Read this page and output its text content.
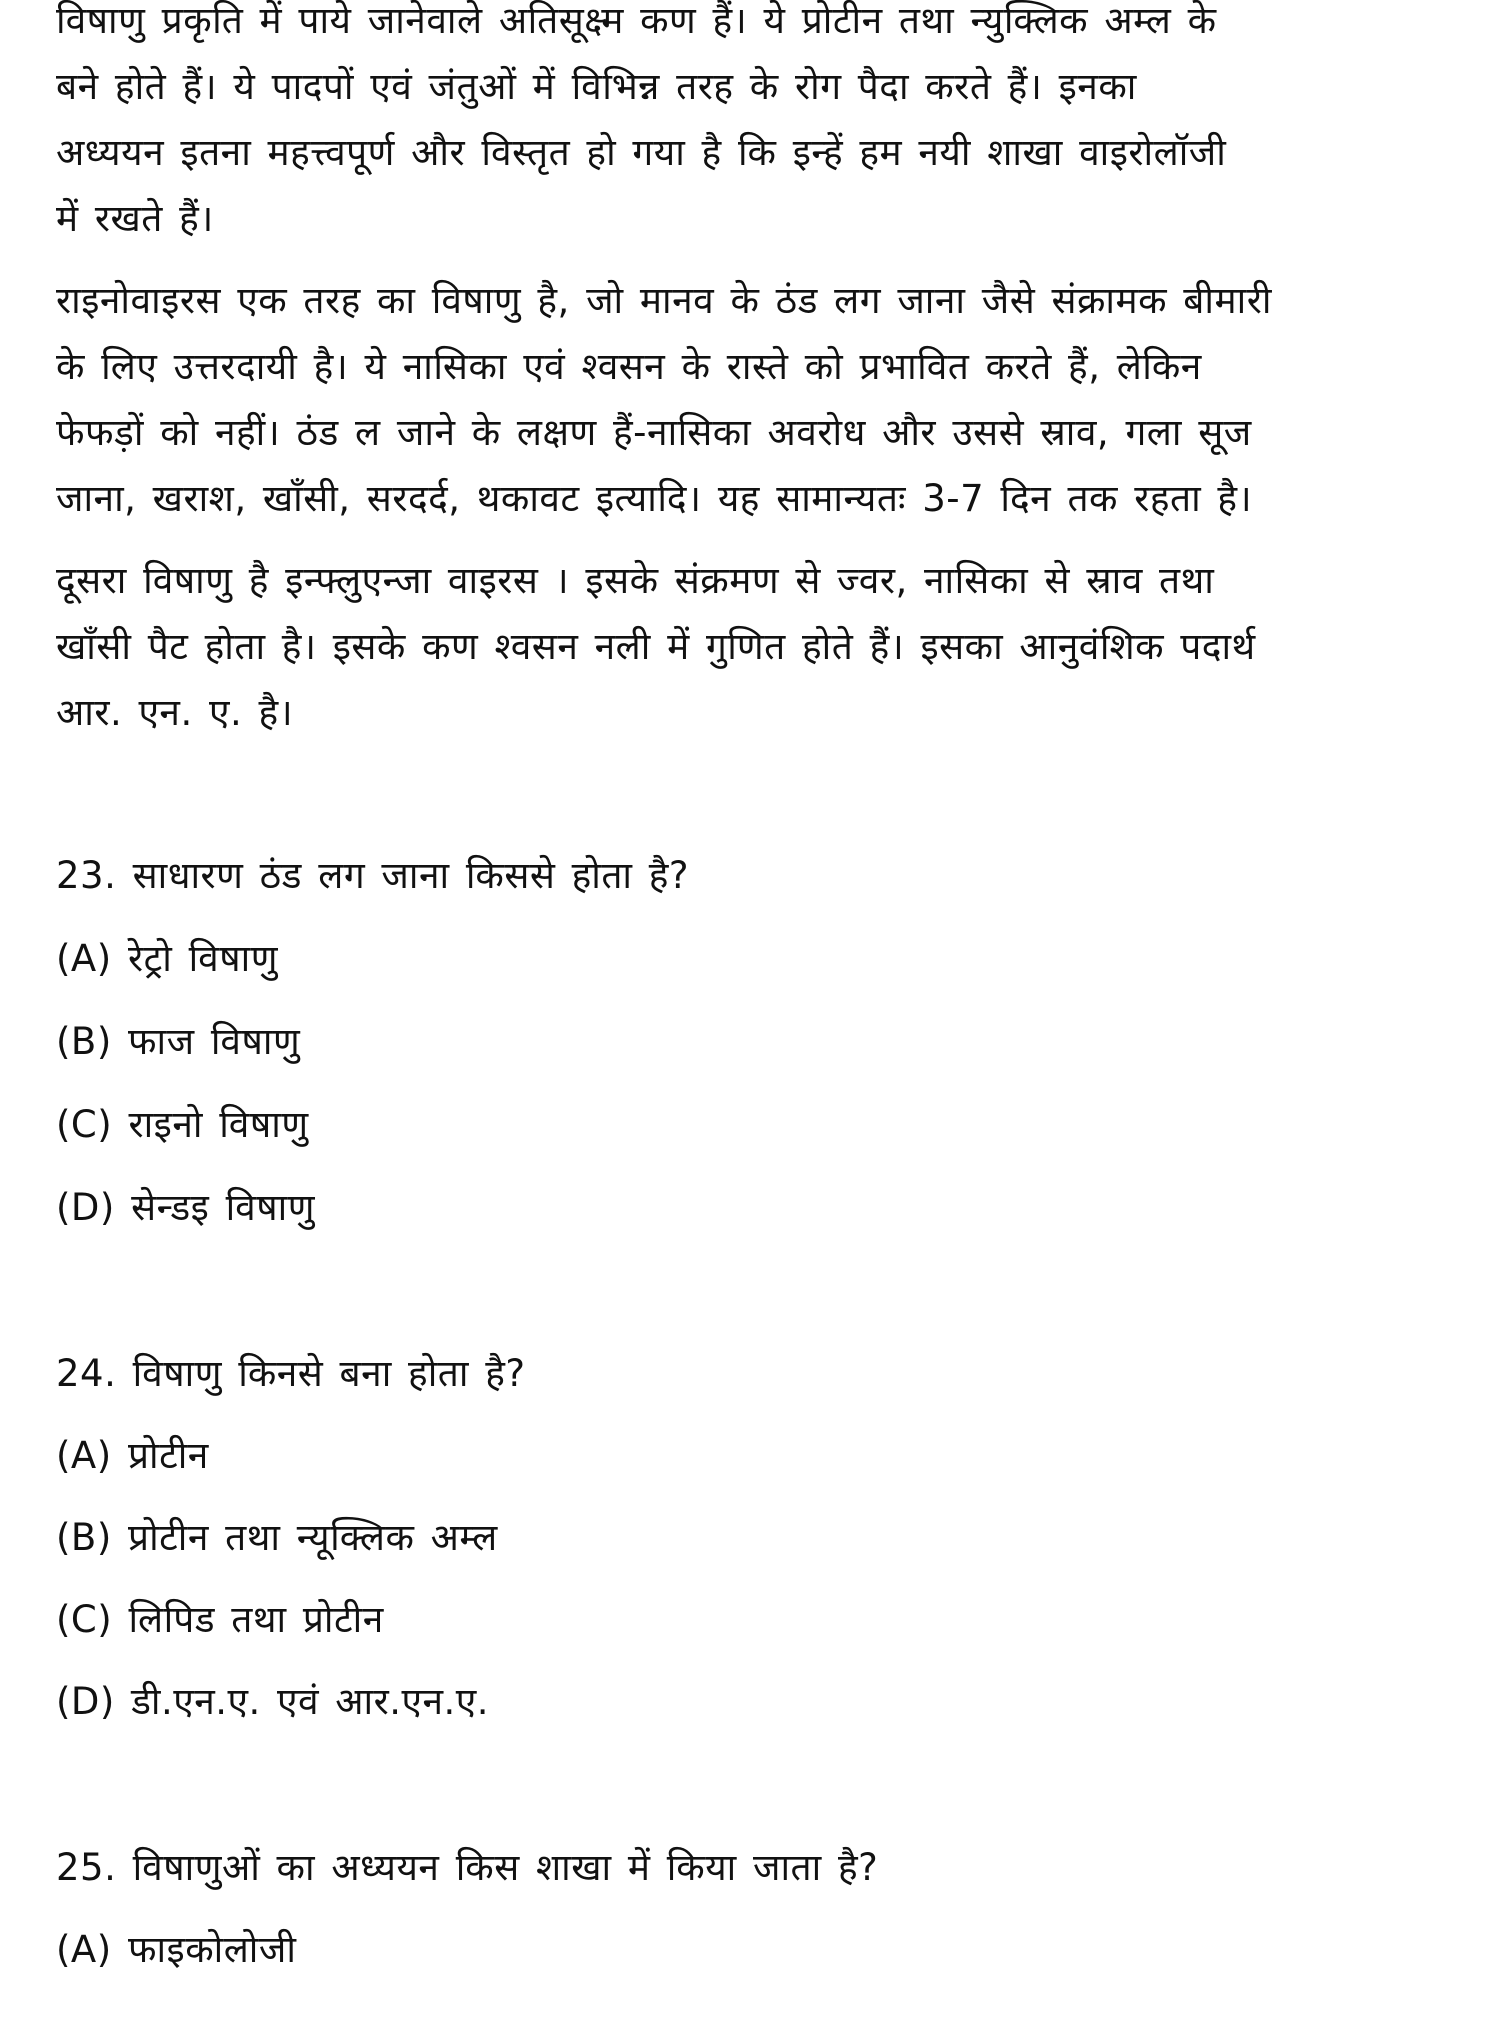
विषाणु प्रकृति में पाये जानेवाले अतिसूक्ष्म कण हैं। ये प्रोटीन तथा न्युक्लिक अम्ल के

बने होते हैं। ये पादपों एवं जंतुओं में विभिन्न तरह के रोग पैदा करते हैं। इनका

अध्ययन इतना महत्त्वपूर्ण और विस्तृत हो गया है कि इन्हें हम नयी शाखा वाइरोलॉजी

में रखते हैं।

राइनोवाइरस एक तरह का विषाणु है, जो मानव के ठंड लग जाना जैसे संक्रामक बीमारी

के लिए उत्तरदायी है। ये नासिका एवं श्वसन के रास्ते को प्रभावित करते हैं, लेकिन

फेफड़ों को नहीं। ठंड ल जाने के लक्षण हैं-नासिका अवरोध और उससे स्राव, गला सूज

जाना, खराश, खाँसी, सरदर्द, थकावट इत्यादि। यह सामान्यतः 3-7 दिन तक रहता है।

दूसरा विषाणु है इन्फ्लुएन्जा वाइरस । इसके संक्रमण से ज्वर, नासिका से स्राव तथा

खाँसी पैट होता है। इसके कण श्वसन नली में गुणित होते हैं। इसका आनुवंशिक पदार्थ

आर. एन. ए. है।

23. साधारण ठंड लग जाना किससे होता है?
(A) रेट्रो विषाणु
(B) फाज विषाणु
(C) राइनो विषाणु
(D) सेन्डइ विषाणु
24. विषाणु किनसे बना होता है?
(A) प्रोटीन
(B) प्रोटीन तथा न्यूक्लिक अम्ल
(C) लिपिड तथा प्रोटीन
(D) डी.एन.ए. एवं आर.एन.ए.
25. विषाणुओं का अध्ययन किस शाखा में किया जाता है?
(A) फाइकोलोजी
